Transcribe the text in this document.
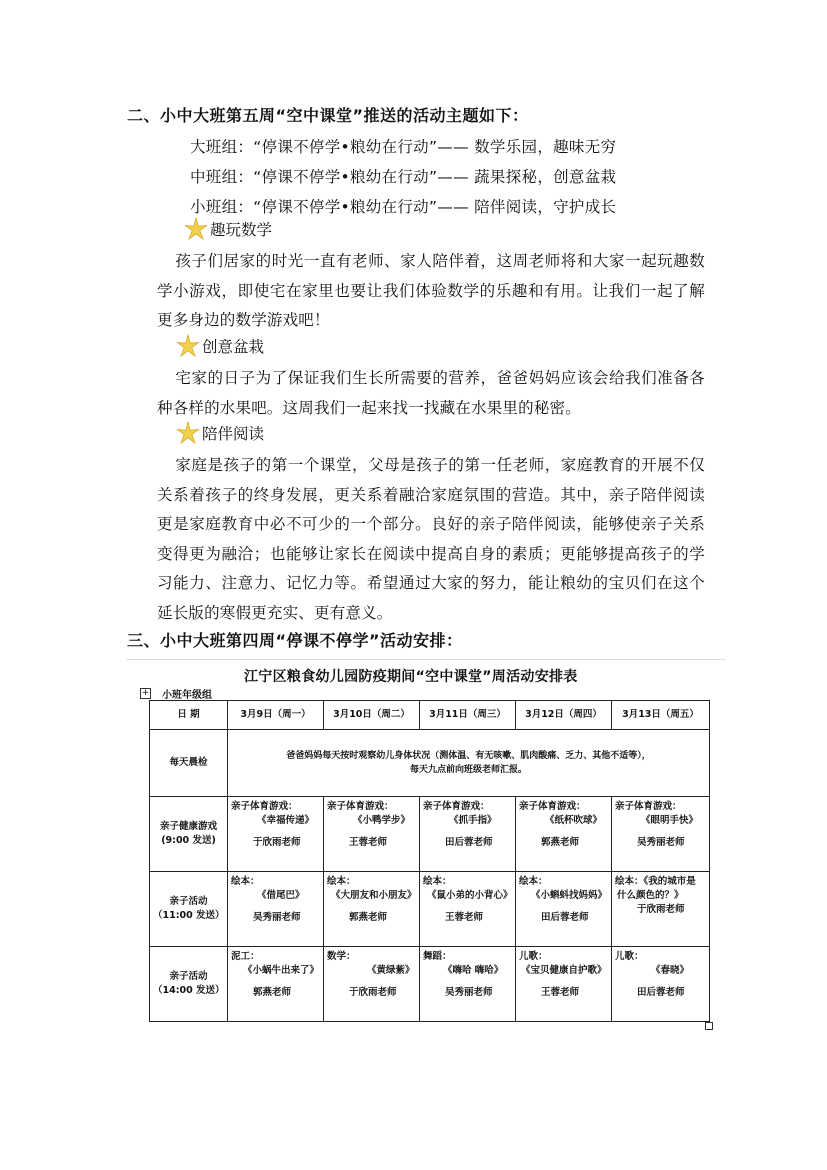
二、小中大班第五周“空中课堂”推送的活动主题如下：
大班组：“停课不停学•粮幼在行动”—— 数学乐园，趣味无穷
中班组：“停课不停学•粮幼在行动”—— 蔬果探秘，创意盆栽
小班组：“停课不停学•粮幼在行动”—— 陪伴阅读，守护成长
趣玩数学
孩子们居家的时光一直有老师、家人陪伴着，这周老师将和大家一起玩趣数学小游戏，即使宅在家里也要让我们体验数学的乐趣和有用。让我们一起了解更多身边的数学游戏吧！
创意盆栽
宅家的日子为了保证我们生长所需要的营养，爸爸妈妈应该会给我们准备各种各样的水果吧。这周我们一起来找一找藏在水果里的秘密。
陪伴阅读
家庭是孩子的第一个课堂，父母是孩子的第一任老师，家庭教育的开展不仅关系着孩子的终身发展，更关系着融洽家庭氛围的营造。其中，亲子陪伴阅读更是家庭教育中必不可少的一个部分。良好的亲子陪伴阅读，能够使亲子关系变得更为融洽；也能够让家长在阅读中提高自身的素质；更能够提高孩子的学习能力、注意力、记忆力等。希望通过大家的努力，能让粮幼的宝贝们在这个延长版的寒假更充实、更有意义。
三、小中大班第四周“停课不停学”活动安排：
江宁区粮食幼儿园防疫期间“空中课堂”周活动安排表
+ 小班年级组
日 期	3月9日（周一）	3月10日（周二）	3月11日（周三）	3月12日（周四）	3月13日（周五）
每天晨检	爸爸妈妈每天按时观察幼儿身体状况（测体温、有无咳嗽、肌肉酸痛、乏力、其他不适等），
每天九点前向班级老师汇报。				

亲子健康游戏
(9:00 发送)	亲子体育游戏：
《幸福传递》
于欣雨老师	亲子体育游戏：
《小鸭学步》
王蓉老师	亲子体育游戏：
《抓手指》
田后蓉老师	亲子体育游戏：
《纸杯吹球》
郭燕老师	亲子体育游戏：
《眼明手快》
吴秀丽老师

亲子活动
（11:00 发送）	绘本：
《借尾巴》
吴秀丽老师	绘本：
《大朋友和小朋友》
郭燕老师	绘本：
《鼠小弟的小背心》
王蓉老师	绘本：
《小蝌蚪找妈妈》
田后蓉老师	绘本：《我的城市是
什么颜色的？》
于欣雨老师

亲子活动
（14:00 发送）	泥工：
《小蜗牛出来了》
郭燕老师	数学：
《黄绿紫》
于欣雨老师	舞蹈：
《嗨哈 嗨哈》
吴秀丽老师	儿歌：
《宝贝健康自护歌》
王蓉老师	儿歌：
《春晓》
田后蓉老师
